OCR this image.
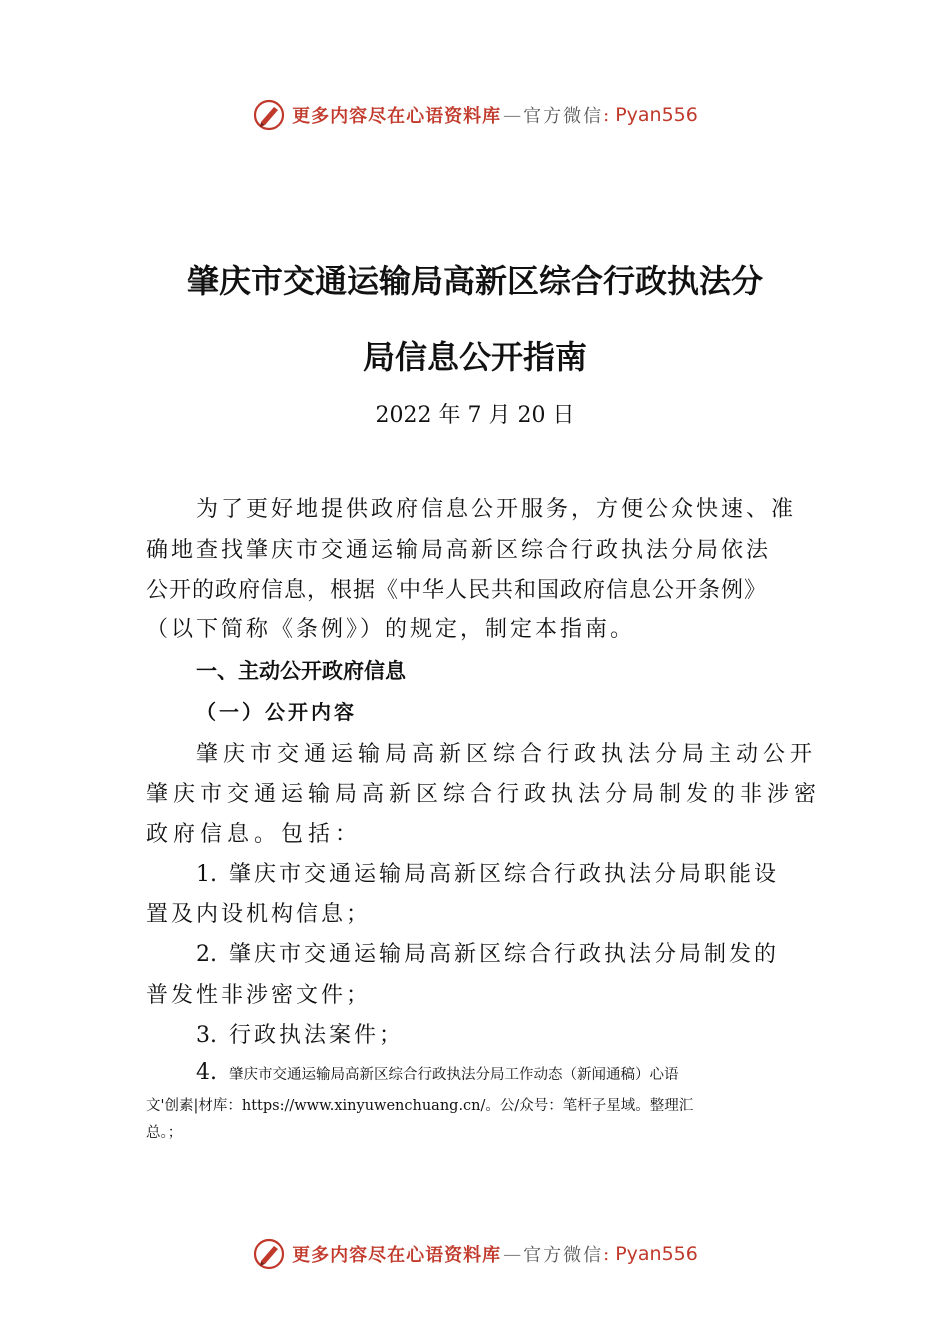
更多内容尽在心语资料库 — 官方微信 : Pyan556
肇庆市交通运输局高新区综合行政执法分
局信息公开指南
2022 年 7 月 20 日
为了更好地提供政府信息公开服务，方便公众快速、准
确地查找肇庆市交通运输局高新区综合行政执法分局依法
公开的政府信息，根据《中华人民共和国政府信息公开条例》
（以下简称《条例》）的规定，制定本指南。
一、主动公开政府信息
（一）公开内容
肇庆市交通运输局高新区综合行政执法分局主动公开
肇庆市交通运输局高新区综合行政执法分局制发的非涉密
政府信息。包括：
1. 肇庆市交通运输局高新区综合行政执法分局职能设
置及内设机构信息；
2. 肇庆市交通运输局高新区综合行政执法分局制发的
普发性非涉密文件；
3. 行政执法案件；
4. 肇庆市交通运输局高新区综合行政执法分局工作动态（新闻通稿）心语
文'创素|材库：https://www.xinyuwenchuang.cn/。公/众号：笔杆子星域。整理汇
总。；
更多内容尽在心语资料库 — 官方微信 : Pyan556
